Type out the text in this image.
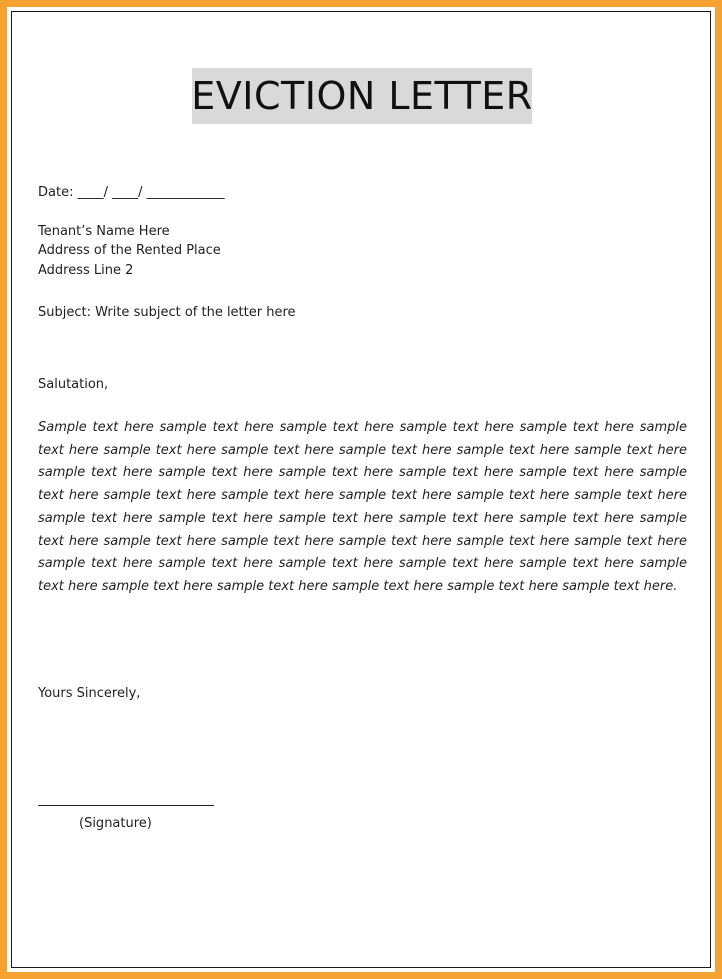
EVICTION LETTER
Date: ____/ ____/ ____________
Tenant’s Name Here
Address of the Rented Place
Address Line 2
Subject: Write subject of the letter here
Salutation,
Sample text here sample text here sample text here sample text here sample text here sample text here sample text here sample text here sample text here sample text here sample text here sample text here sample text here sample text here sample text here sample text here sample text here sample text here sample text here sample text here sample text here sample text here sample text here sample text here sample text here sample text here sample text here sample text here sample text here sample text here sample text here sample text here sample text here sample text here sample text here sample text here sample text here sample text here sample text here sample text here sample text here sample text here sample text here sample text here.
Yours Sincerely,
(Signature)
